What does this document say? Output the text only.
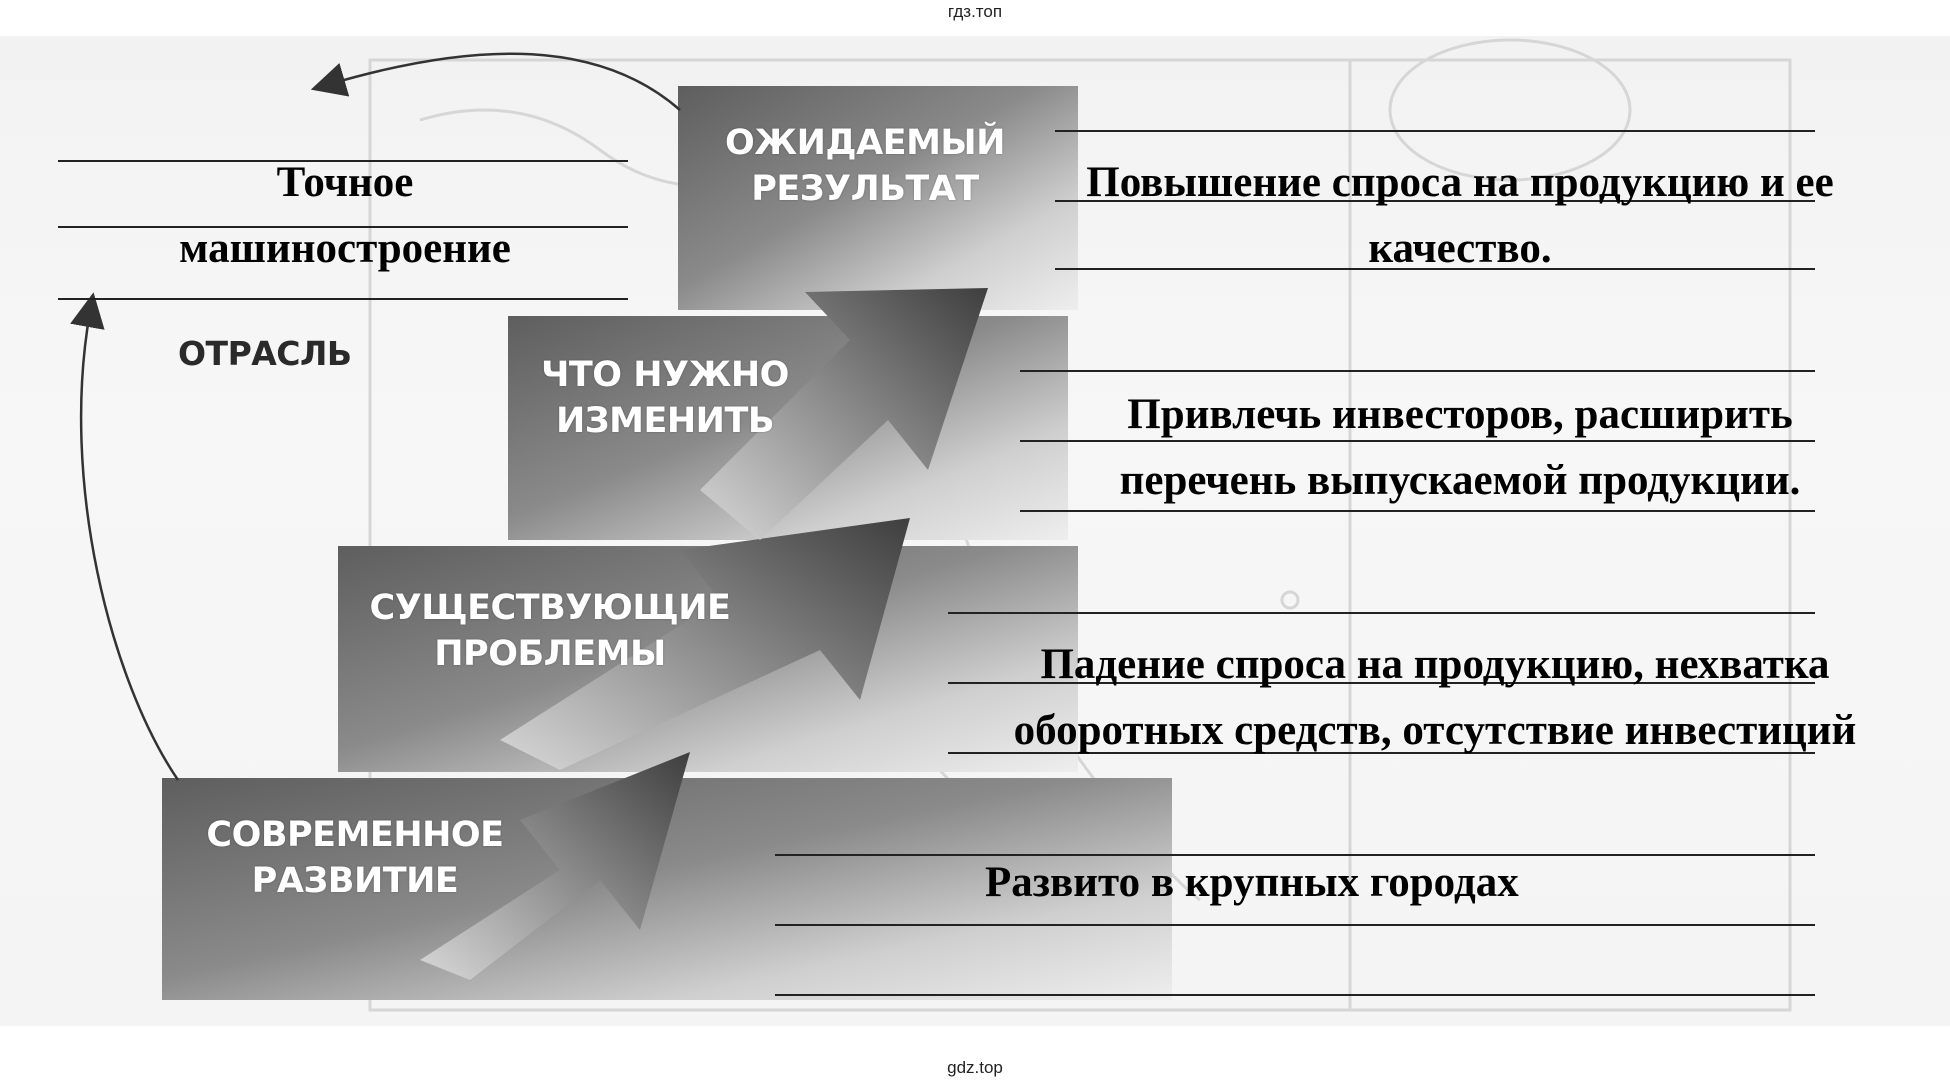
гдз.топ
СОВРЕМЕННОЕ
РАЗВИТИЕ
СУЩЕСТВУЮЩИЕ
ПРОБЛЕМЫ
ЧТО НУЖНО
ИЗМЕНИТЬ
ОЖИДАЕМЫЙ
РЕЗУЛЬТАТ
Точное
машиностроение
ОТРАСЛЬ
Повышение спроса на продукцию и ее
качество.
Привлечь инвесторов, расширить
перечень выпускаемой продукции.
Падение спроса на продукцию, нехватка
оборотных средств, отсутствие инвестиций
Развито в крупных городах
gdz.top
